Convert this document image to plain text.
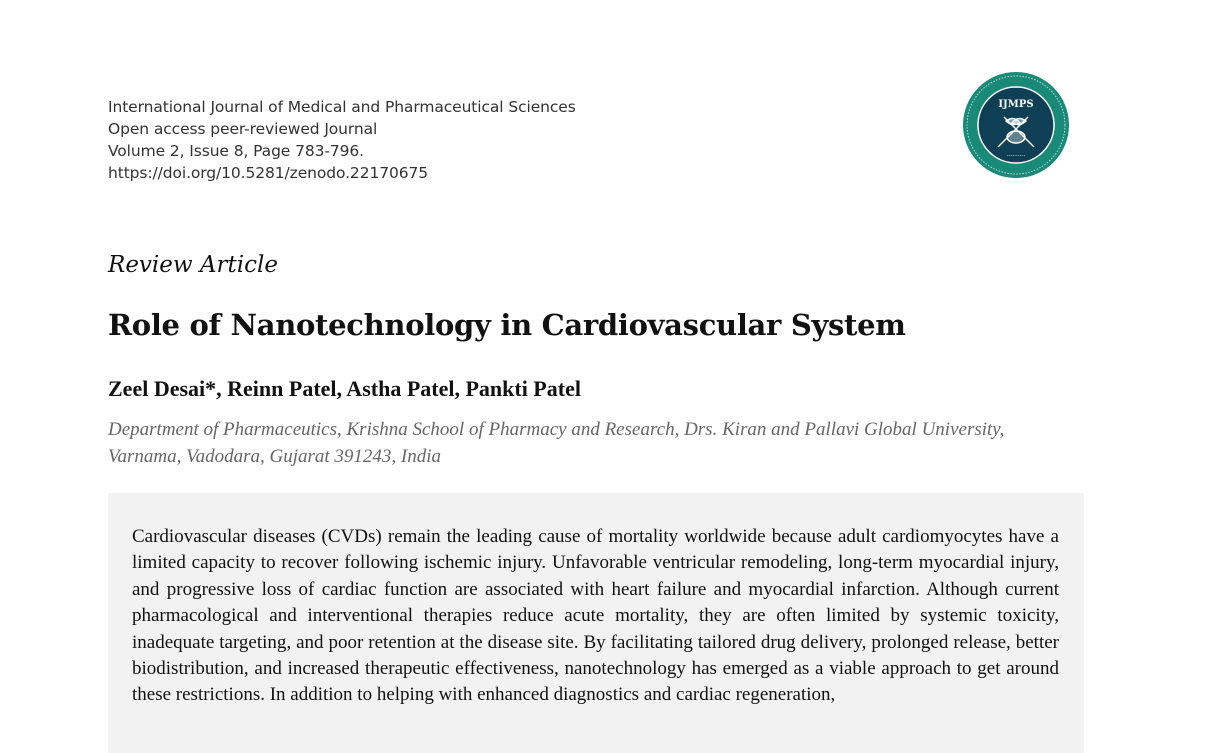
International Journal of Medical and Pharmaceutical Sciences
Open access peer-reviewed Journal
Volume 2, Issue 8, Page 783-796.
https://doi.org/10.5281/zenodo.22170675
IJMPS
•••••••••
Review Article
Role of Nanotechnology in Cardiovascular System
Zeel Desai*, Reinn Patel, Astha Patel, Pankti Patel
Department of Pharmaceutics, Krishna School of Pharmacy and Research, Drs. Kiran and Pallavi Global University, Varnama, Vadodara, Gujarat 391243, India
Cardiovascular diseases (CVDs) remain the leading cause of mortality worldwide because adult cardiomyocytes have a limited capacity to recover following ischemic injury. Unfavorable ventricular remodeling, long-term myocardial injury, and progressive loss of cardiac function are associated with heart failure and myocardial infarction. Although current pharmacological and interventional therapies reduce acute mortality, they are often limited by systemic toxicity, inadequate targeting, and poor retention at the disease site. By facilitating tailored drug delivery, prolonged release, better biodistribution, and increased therapeutic effectiveness, nanotechnology has emerged as a viable approach to get around these restrictions. In addition to helping with enhanced diagnostics and cardiac regeneration,
